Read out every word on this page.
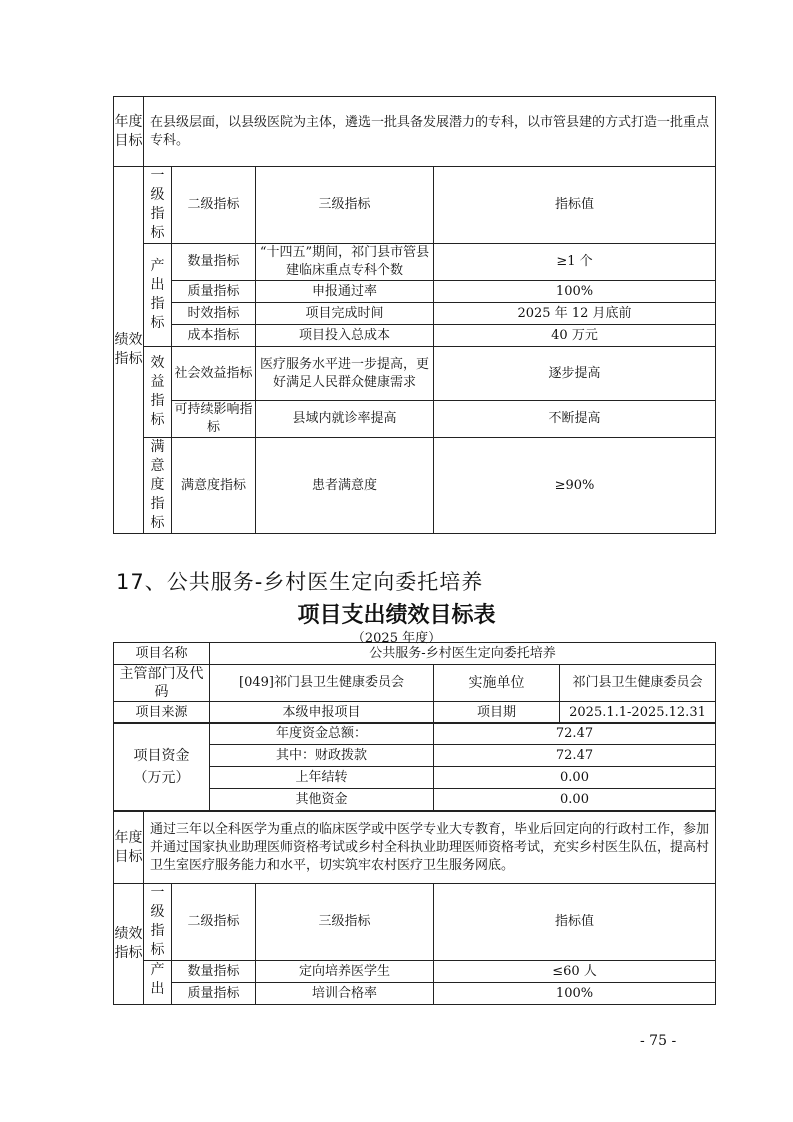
年度目标	在县级层面，以县级医院为主体，遴选一批具备发展潜力的专科，以市管县建的方式打造一批重点专科。			
绩效指标	一级指标	二级指标	三级指标	指标值
	产出指标	数量指标	“十四五”期间，祁门县市管县建临床重点专科个数	≥1 个
		质量指标	申报通过率	100%
		时效指标	项目完成时间	2025 年 12 月底前
		成本指标	项目投入总成本	40 万元
	效益指标	社会效益指标	医疗服务水平进一步提高，更好满足人民群众健康需求	逐步提高
		可持续影响指标	县域内就诊率提高	不断提高
	满意度指标	满意度指标	患者满意度	≥90%
17、公共服务-乡村医生定向委托培养
项目支出绩效目标表
（2025 年度）
项目名称	公共服务-乡村医生定向委托培养		
主管部门及代码	[049]祁门县卫生健康委员会	实施单位	祁门县卫生健康委员会
项目来源	本级申报项目	项目期	2025.1.1-2025.12.31
项目资金（万元）	年度资金总额：	72.47
	其中：财政拨款	72.47
	上年结转	0.00
	其他资金	0.00
年度目标	通过三年以全科医学为重点的临床医学或中医学专业大专教育，毕业后回定向的行政村工作，参加并通过国家执业助理医师资格考试或乡村全科执业助理医师资格考试，充实乡村医生队伍，提高村卫生室医疗服务能力和水平，切实筑牢农村医疗卫生服务网底。			
绩效指标	一级指标	二级指标	三级指标	指标值
	产出	数量指标	定向培养医学生	≤60 人
		质量指标	培训合格率	100%
- 75 -
